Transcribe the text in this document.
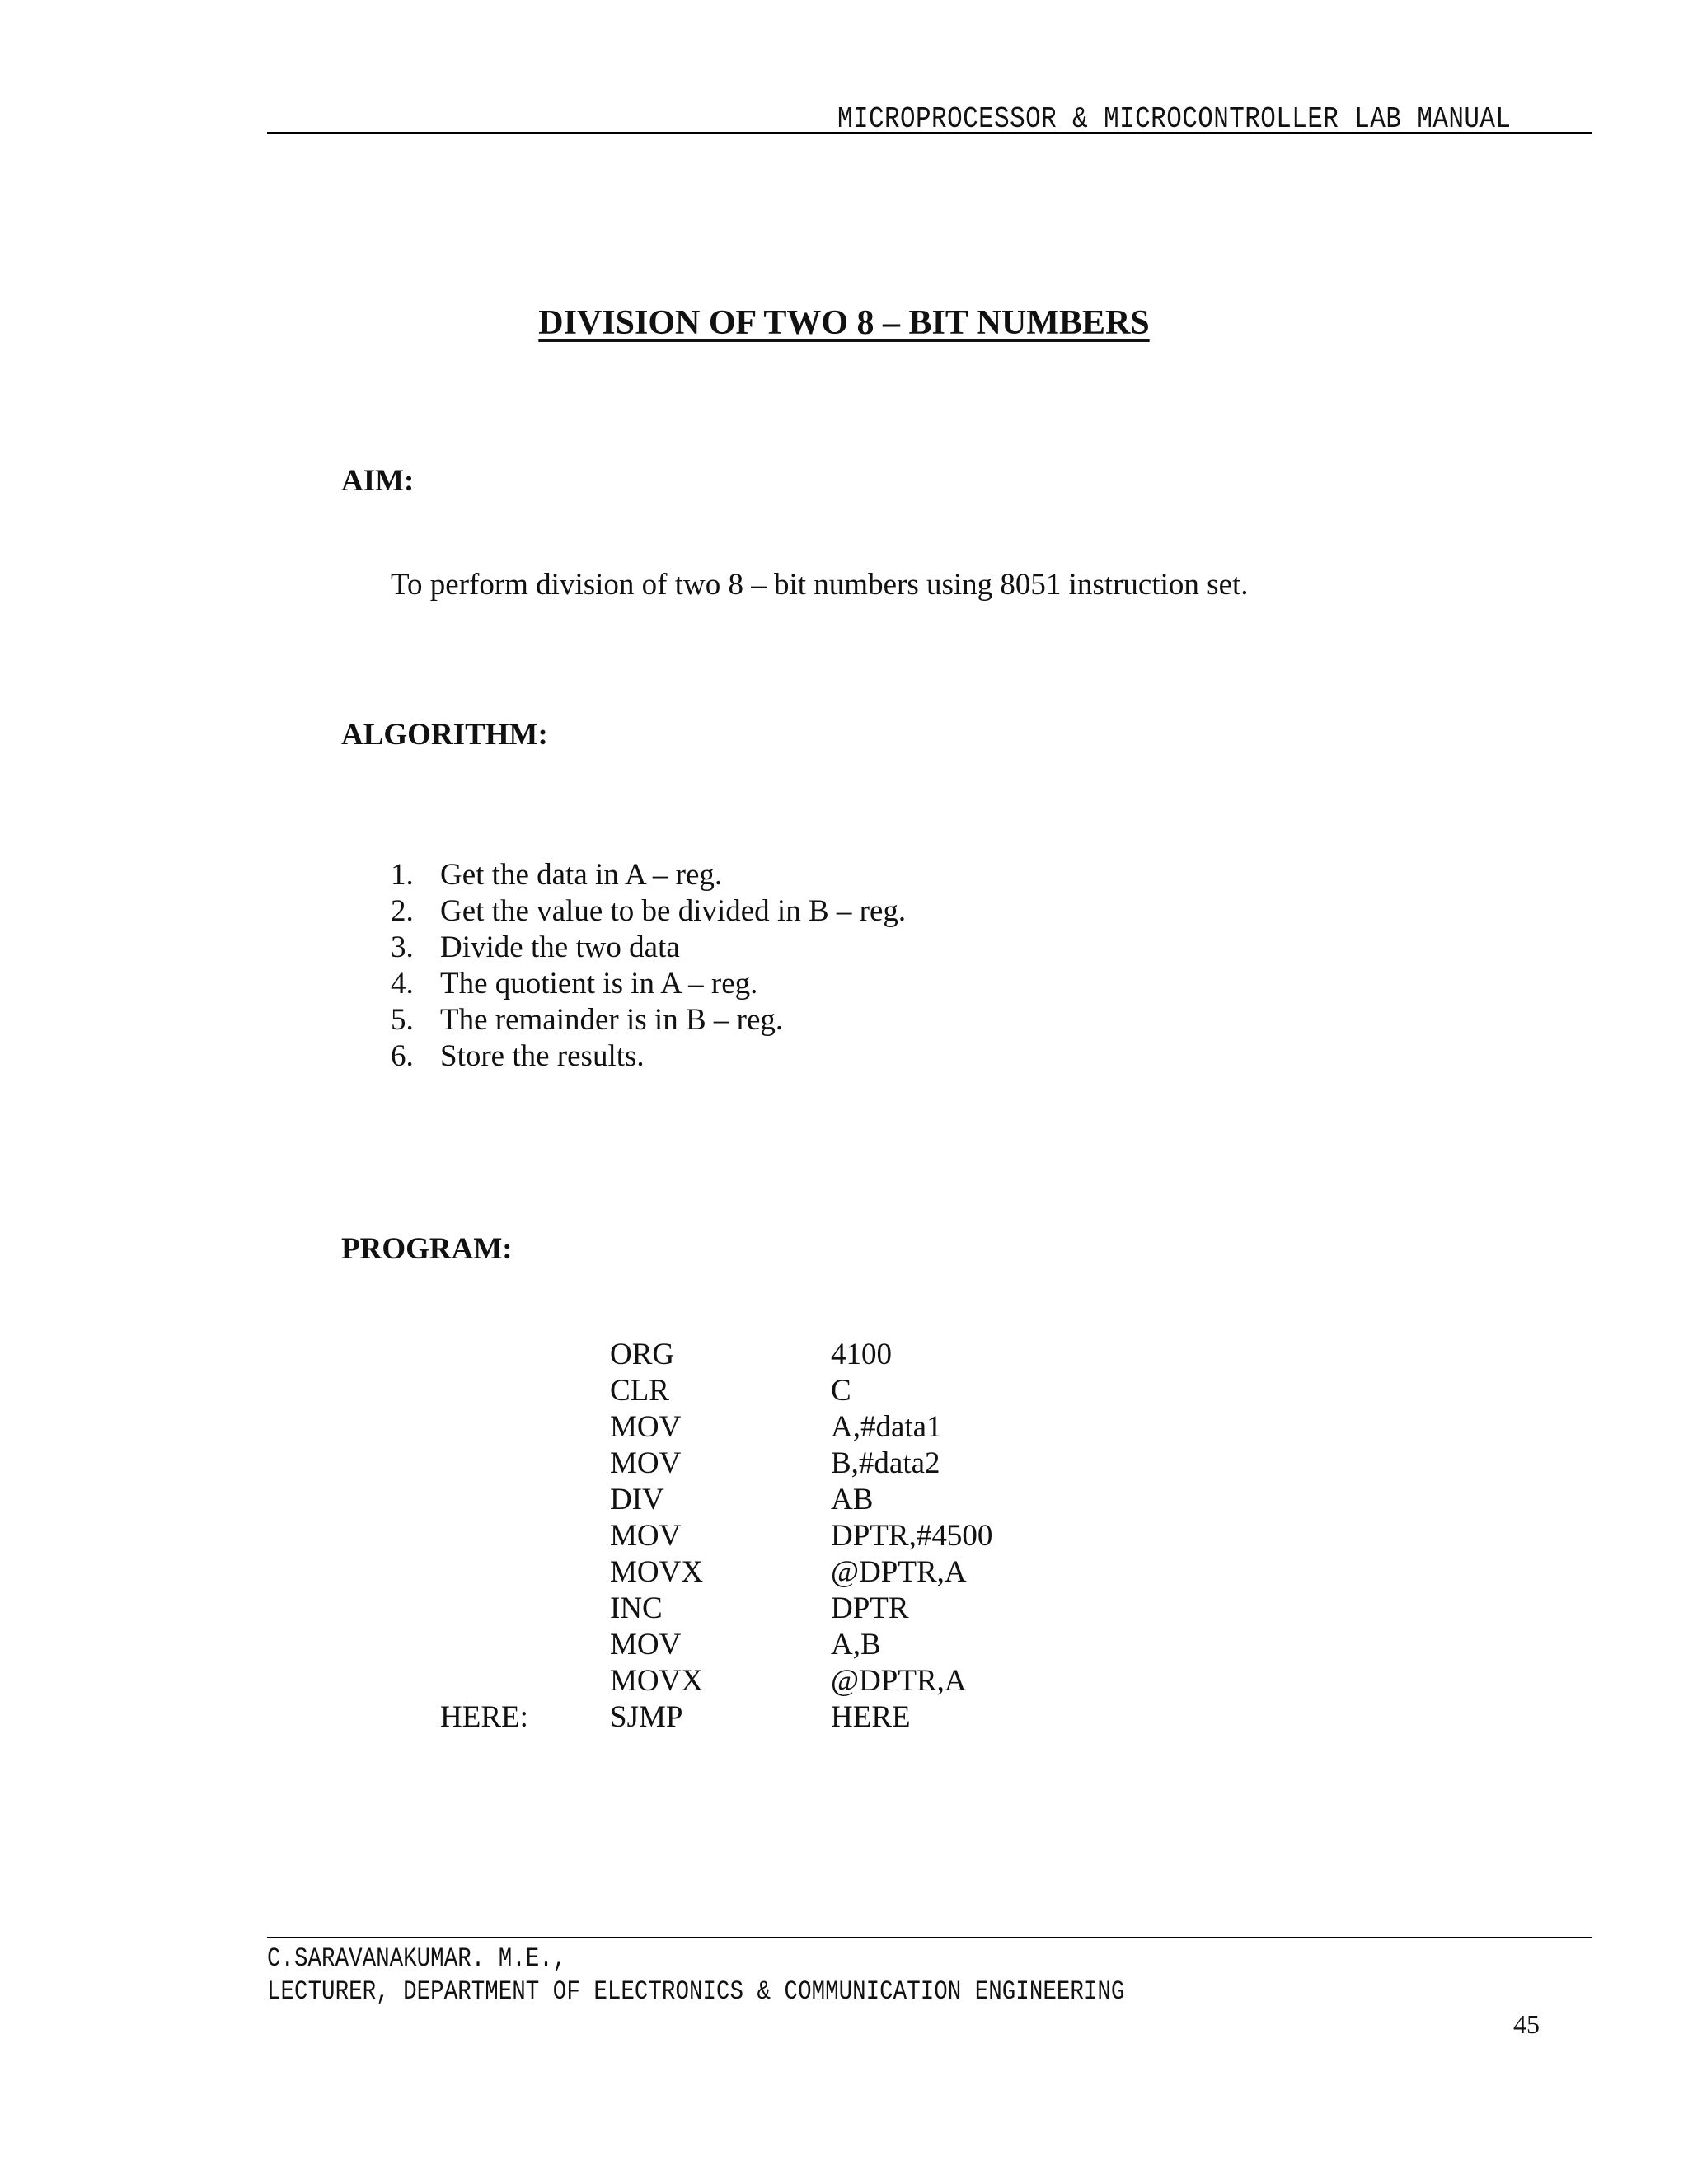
MICROPROCESSOR & MICROCONTROLLER LAB MANUAL
DIVISION OF TWO 8 – BIT NUMBERS
AIM:
To perform division of two 8 – bit numbers using 8051 instruction set.
ALGORITHM:
1. Get the data in A – reg.
2. Get the value to be divided in B – reg.
3. Divide the two data
4. The quotient is in A – reg.
5. The remainder is in B – reg.
6. Store the results.
PROGRAM:
ORG	4100
CLR	C
MOV	A,#data1
MOV	B,#data2
DIV	AB
MOV	DPTR,#4500
MOVX	@DPTR,A
INC	DPTR
MOV	A,B
MOVX	@DPTR,A
HERE:	SJMP	HERE
C.SARAVANAKUMAR. M.E.,
LECTURER, DEPARTMENT OF ELECTRONICS & COMMUNICATION ENGINEERING
45
